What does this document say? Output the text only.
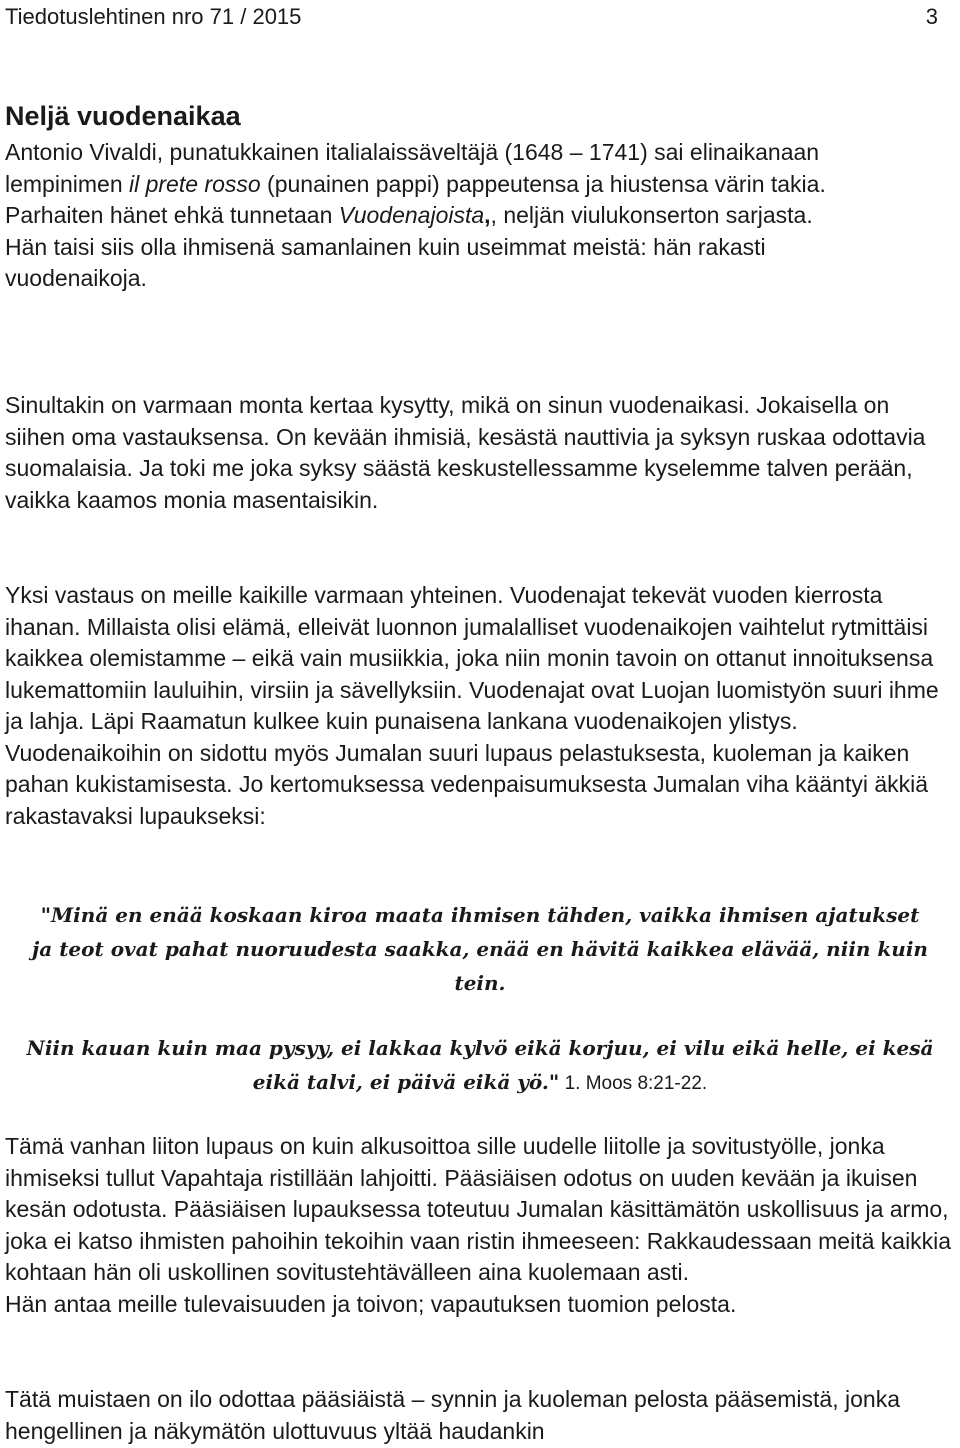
Tiedotuslehtinen nro 71 / 2015	3
Neljä vuodenaikaa
Antonio Vivaldi, punatukkainen italialaissäveltäjä (1648 – 1741) sai elinaikanaan lempinimen il prete rosso (punainen pappi) pappeutensa ja hiustensa värin takia.
Parhaiten hänet ehkä tunnetaan Vuodenajoista,, neljän viulukonserton sarjasta.
Hän taisi siis olla ihmisenä samanlainen kuin useimmat meistä: hän rakasti vuodenaikoja.

Sinultakin on varmaan monta kertaa kysytty, mikä on sinun vuodenaikasi. Jokaisella on siihen oma vastauksensa. On kevään ihmisiä, kesästä nauttivia ja syksyn ruskaa odottavia suomalaisia. Ja toki me joka syksy säästä keskustellessamme kyselemme talven perään, vaikka kaamos monia masentaisikin.

Yksi vastaus on meille kaikille varmaan yhteinen. Vuodenajat tekevät vuoden kierrosta ihanan. Millaista olisi elämä, elleivät luonnon jumalalliset vuodenaikojen vaihtelut rytmittäisi kaikkea olemistamme – eikä vain musiikkia, joka niin monin tavoin on ottanut innoituksensa lukemattomiin lauluihin, virsiin ja sävellyksiin. Vuodenajat ovat Luojan luomistyön suuri ihme ja lahja. Läpi Raamatun kulkee kuin punaisena lankana vuodenaikojen ylistys. Vuodenaikoihin on sidottu myös Jumalan suuri lupaus pelastuksesta, kuoleman ja kaiken pahan kukistamisesta. Jo kertomuksessa vedenpaisumuksesta Jumalan viha kääntyi äkkiä rakastavaksi lupaukseksi:

"Minä en enää koskaan kiroa maata ihmisen tähden, vaikka ihmisen ajatukset ja teot ovat pahat nuoruudesta saakka, enää en hävitä kaikkea elävää, niin kuin tein.

Niin kauan kuin maa pysyy, ei lakkaa kylvö eikä korjuu, ei vilu eikä helle, ei kesä eikä talvi, ei päivä eikä yö." 1. Moos 8:21-22.

Tämä vanhan liiton lupaus on kuin alkusoittoa sille uudelle liitolle ja sovitustyölle, jonka ihmiseksi tullut Vapahtaja ristillään lahjoitti. Pääsiäisen odotus on uuden kevään ja ikuisen kesän odotusta. Pääsiäisen lupauksessa toteutuu Jumalan käsittämätön uskollisuus ja armo, joka ei katso ihmisten pahoihin tekoihin vaan ristin ihmeeseen: Rakkaudessaan meitä kaikkia kohtaan hän oli uskollinen sovitustehtävälleen aina kuolemaan asti.
Hän antaa meille tulevaisuuden ja toivon; vapautuksen tuomion pelosta.

Tätä muistaen on ilo odottaa pääsiäistä – synnin ja kuoleman pelosta pääsemistä, jonka hengellinen ja näkymätön ulottuvuus yltää haudankin
